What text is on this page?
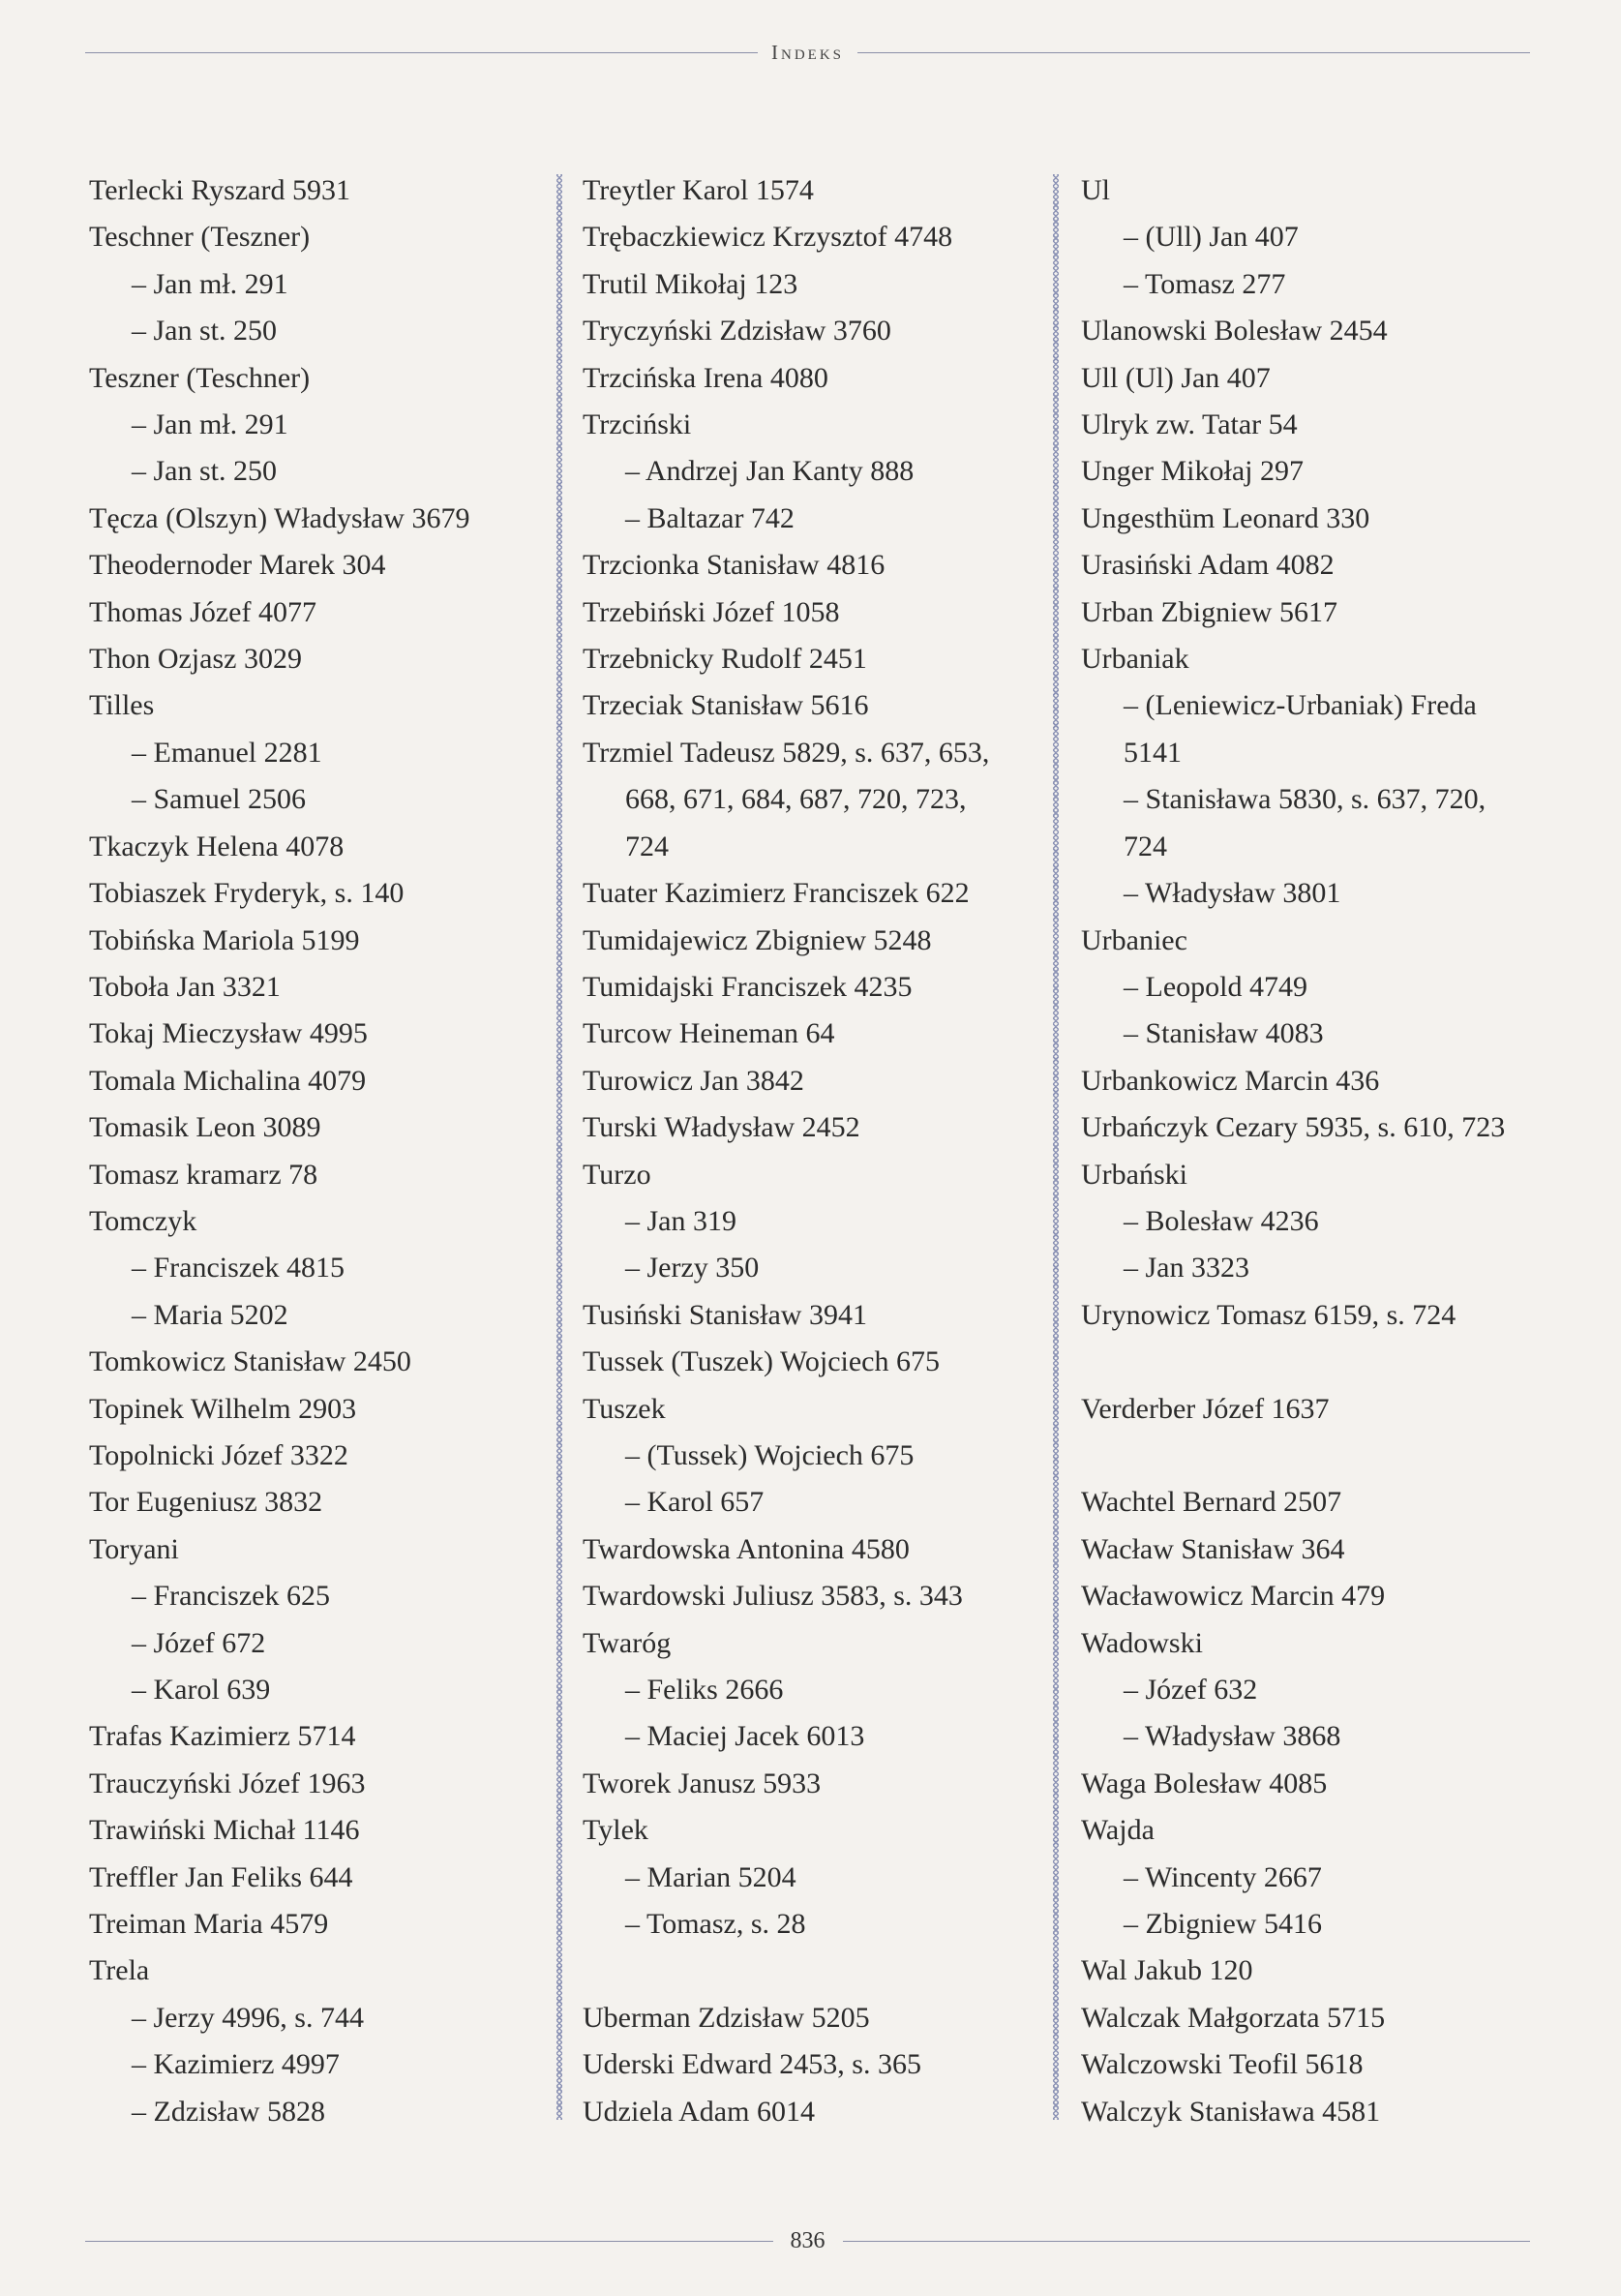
Indeks
Terlecki Ryszard 5931
Teschner (Teszner)
– Jan mł. 291
– Jan st. 250
Teszner (Teschner)
– Jan mł. 291
– Jan st. 250
Tęcza (Olszyn) Władysław 3679
Theodernoder Marek 304
Thomas Józef 4077
Thon Ozjasz 3029
Tilles
– Emanuel 2281
– Samuel 2506
Tkaczyk Helena 4078
Tobiaszek Fryderyk, s. 140
Tobińska Mariola 5199
Toboła Jan 3321
Tokaj Mieczysław 4995
Tomala Michalina 4079
Tomasik Leon 3089
Tomasz kramarz 78
Tomczyk
– Franciszek 4815
– Maria 5202
Tomkowicz Stanisław 2450
Topinek Wilhelm 2903
Topolnicki Józef 3322
Tor Eugeniusz 3832
Toryani
– Franciszek 625
– Józef 672
– Karol 639
Trafas Kazimierz 5714
Trauczyński Józef 1963
Trawiński Michał 1146
Treffler Jan Feliks 644
Treiman Maria 4579
Trela
– Jerzy 4996, s. 744
– Kazimierz 4997
– Zdzisław 5828
Treytler Karol 1574
Trębaczkiewicz Krzysztof 4748
Trutil Mikołaj 123
Tryczyński Zdzisław 3760
Trzcińska Irena 4080
Trzciński
– Andrzej Jan Kanty 888
– Baltazar 742
Trzcionka Stanisław 4816
Trzebiński Józef 1058
Trzebnicky Rudolf 2451
Trzeciak Stanisław 5616
Trzmiel Tadeusz 5829, s. 637, 653,
668, 671, 684, 687, 720, 723,
724
Tuater Kazimierz Franciszek 622
Tumidajewicz Zbigniew 5248
Tumidajski Franciszek 4235
Turcow Heineman 64
Turowicz Jan 3842
Turski Władysław 2452
Turzo
– Jan 319
– Jerzy 350
Tusiński Stanisław 3941
Tussek (Tuszek) Wojciech 675
Tuszek
– (Tussek) Wojciech 675
– Karol 657
Twardowska Antonina 4580
Twardowski Juliusz 3583, s. 343
Twaróg
– Feliks 2666
– Maciej Jacek 6013
Tworek Janusz 5933
Tylek
– Marian 5204
– Tomasz, s. 28
Uberman Zdzisław 5205
Uderski Edward 2453, s. 365
Udziela Adam 6014
Ul
– (Ull) Jan 407
– Tomasz 277
Ulanowski Bolesław 2454
Ull (Ul) Jan 407
Ulryk zw. Tatar 54
Unger Mikołaj 297
Ungesthüm Leonard 330
Urasiński Adam 4082
Urban Zbigniew 5617
Urbaniak
– (Leniewicz-Urbaniak) Freda
5141
– Stanisława 5830, s. 637, 720,
724
– Władysław 3801
Urbaniec
– Leopold 4749
– Stanisław 4083
Urbankowicz Marcin 436
Urbańczyk Cezary 5935, s. 610, 723
Urbański
– Bolesław 4236
– Jan 3323
Urynowicz Tomasz 6159, s. 724
Verderber Józef 1637
Wachtel Bernard 2507
Wacław Stanisław 364
Wacławowicz Marcin 479
Wadowski
– Józef 632
– Władysław 3868
Waga Bolesław 4085
Wajda
– Wincenty 2667
– Zbigniew 5416
Wal Jakub 120
Walczak Małgorzata 5715
Walczowski Teofil 5618
Walczyk Stanisława 4581
836
